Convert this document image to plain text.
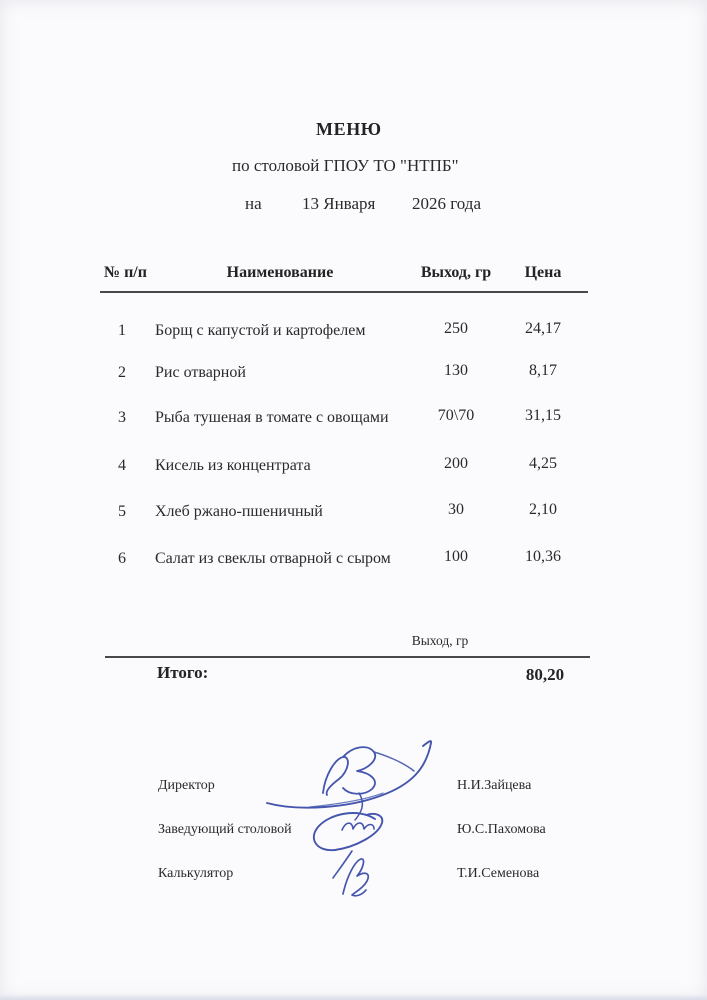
МЕНЮ
по столовой ГПОУ ТО "НТПБ"
на 13 Января 2026 года
№ п/п	Наименование	Выход, гр	Цена
1	Борщ с капустой и картофелем	250	24,17
2	Рис отварной	130	8,17
3	Рыба тушеная в томате с овощами	70\70	31,15
4	Кисель из концентрата	200	4,25
5	Хлеб ржано-пшеничный	30	2,10
6	Салат из свеклы отварной с сыром	100	10,36
Выход, гр
Итого:	80,20
Директор	Н.И.Зайцева
Заведующий столовой	Ю.С.Пахомова
Калькулятор	Т.И.Семенова
